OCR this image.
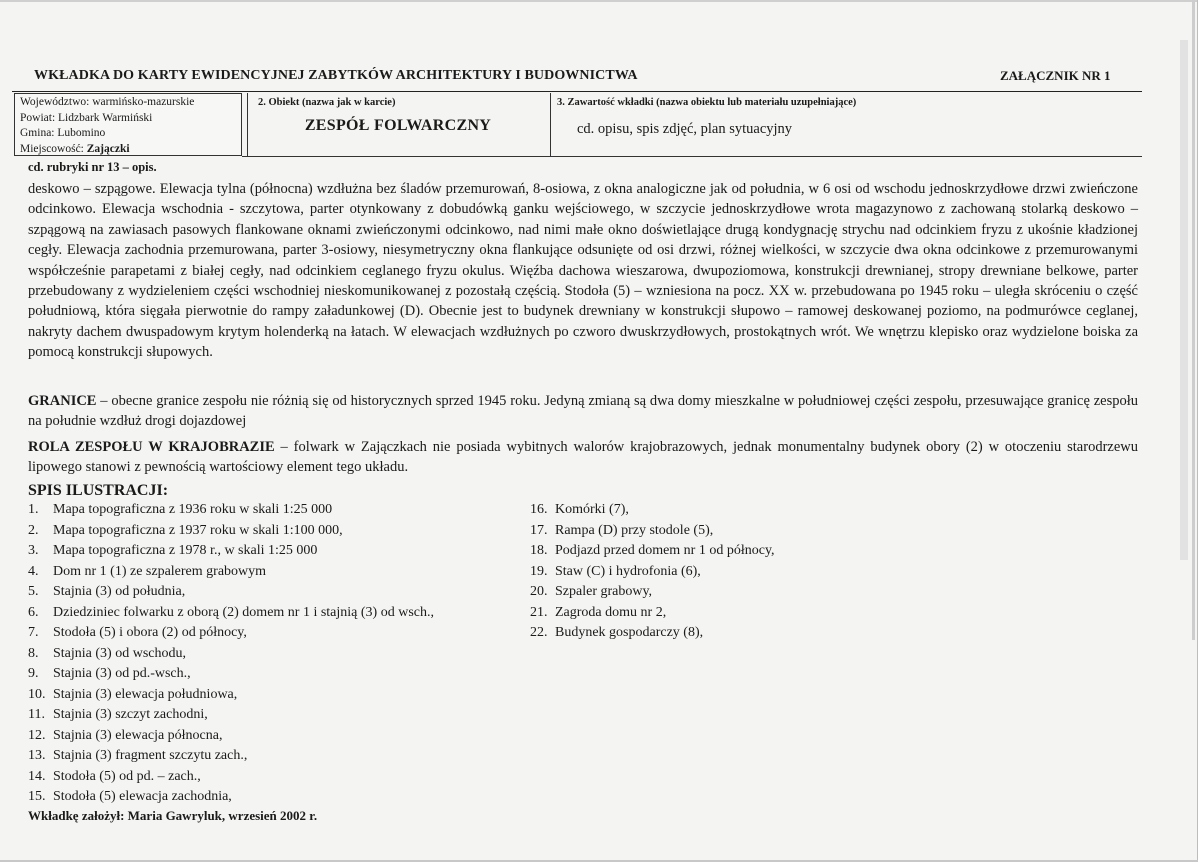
WKŁADKA DO KARTY EWIDENCYJNEJ ZABYTKÓW ARCHITEKTURY I BUDOWNICTWA	ZAŁĄCZNIK NR 1
Województwo: warmińsko-mazurskie
Powiat: Lidzbark Warmiński
Gmina: Lubomino
Miejscowość: Zajączki
2. Obiekt (nazwa jak w karcie)
ZESPÓŁ FOLWARCZNY
3. Zawartość wkładki (nazwa obiektu lub materiału uzupełniające)
cd. opisu, spis zdjęć, plan sytuacyjny
cd. rubryki nr 13 – opis.
deskowo – szpągowe. Elewacja tylna (północna) wzdłużna bez śladów przemurowań, 8-osiowa, z okna analogiczne jak od południa, w 6 osi od wschodu jednoskrzydłowe drzwi zwieńczone odcinkowo. Elewacja wschodnia - szczytowa, parter otynkowany z dobudówką ganku wejściowego, w szczycie jednoskrzydłowe wrota magazynowo z zachowaną stolarką deskowo – szpągową na zawiasach pasowych flankowane oknami zwieńczonymi odcinkowo, nad nimi małe okno doświetlające drugą kondygnację strychu nad odcinkiem fryzu z ukośnie kładzionej cegły. Elewacja zachodnia przemurowana, parter 3-osiowy, niesymetryczny okna flankujące odsunięte od osi drzwi, różnej wielkości, w szczycie dwa okna odcinkowe z przemurowanymi współcześnie parapetami z białej cegły, nad odcinkiem ceglanego fryzu okulus. Więźba dachowa wieszarowa, dwupoziomowa, konstrukcji drewnianej, stropy drewniane belkowe, parter przebudowany z wydzieleniem części wschodniej nieskomunikowanej z pozostałą częścią. Stodoła (5) – wzniesiona na pocz. XX w. przebudowana po 1945 roku – uległa skróceniu o część południową, która sięgała pierwotnie do rampy załadunkowej (D). Obecnie jest to budynek drewniany w konstrukcji słupowo – ramowej deskowanej poziomo, na podmurówce ceglanej, nakryty dachem dwuspadowym krytym holenderką na łatach. W elewacjach wzdłużnych po czworo dwuskrzydłowych, prostokątnych wrót. We wnętrzu klepisko oraz wydzielone boiska za pomocą konstrukcji słupowych.
GRANICE – obecne granice zespołu nie różnią się od historycznych sprzed 1945 roku. Jedyną zmianą są dwa domy mieszkalne w południowej części zespołu, przesuwające granicę zespołu na południe wzdłuż drogi dojazdowej
ROLA ZESPOŁU W KRAJOBRAZIE – folwark w Zajączkach nie posiada wybitnych walorów krajobrazowych, jednak monumentalny budynek obory (2) w otoczeniu starodrzewu lipowego stanowi z pewnością wartościowy element tego układu.
SPIS ILUSTRACJI:
1. Mapa topograficzna z 1936 roku w skali 1:25 000
2. Mapa topograficzna z 1937 roku w skali 1:100 000,
3. Mapa topograficzna z 1978 r., w skali 1:25 000
4. Dom nr 1 (1) ze szpalerem grabowym
5. Stajnia (3) od południa,
6. Dziedziniec folwarku z oborą (2) domem nr 1 i stajnią (3) od wsch.,
7. Stodoła (5) i obora (2) od północy,
8. Stajnia (3) od wschodu,
9. Stajnia (3) od pd.-wsch.,
10. Stajnia (3) elewacja południowa,
11. Stajnia (3) szczyt zachodni,
12. Stajnia (3) elewacja północna,
13. Stajnia (3) fragment szczytu zach.,
14. Stodoła (5) od pd. – zach.,
15. Stodoła (5) elewacja zachodnia,
16. Komórki (7),
17. Rampa (D) przy stodole (5),
18. Podjazd przed domem nr 1 od północy,
19. Staw (C) i hydrofonia (6),
20. Szpaler grabowy,
21. Zagroda domu nr 2,
22. Budynek gospodarczy (8),
Wkładkę założył: Maria Gawryluk, wrzesień 2002 r.
